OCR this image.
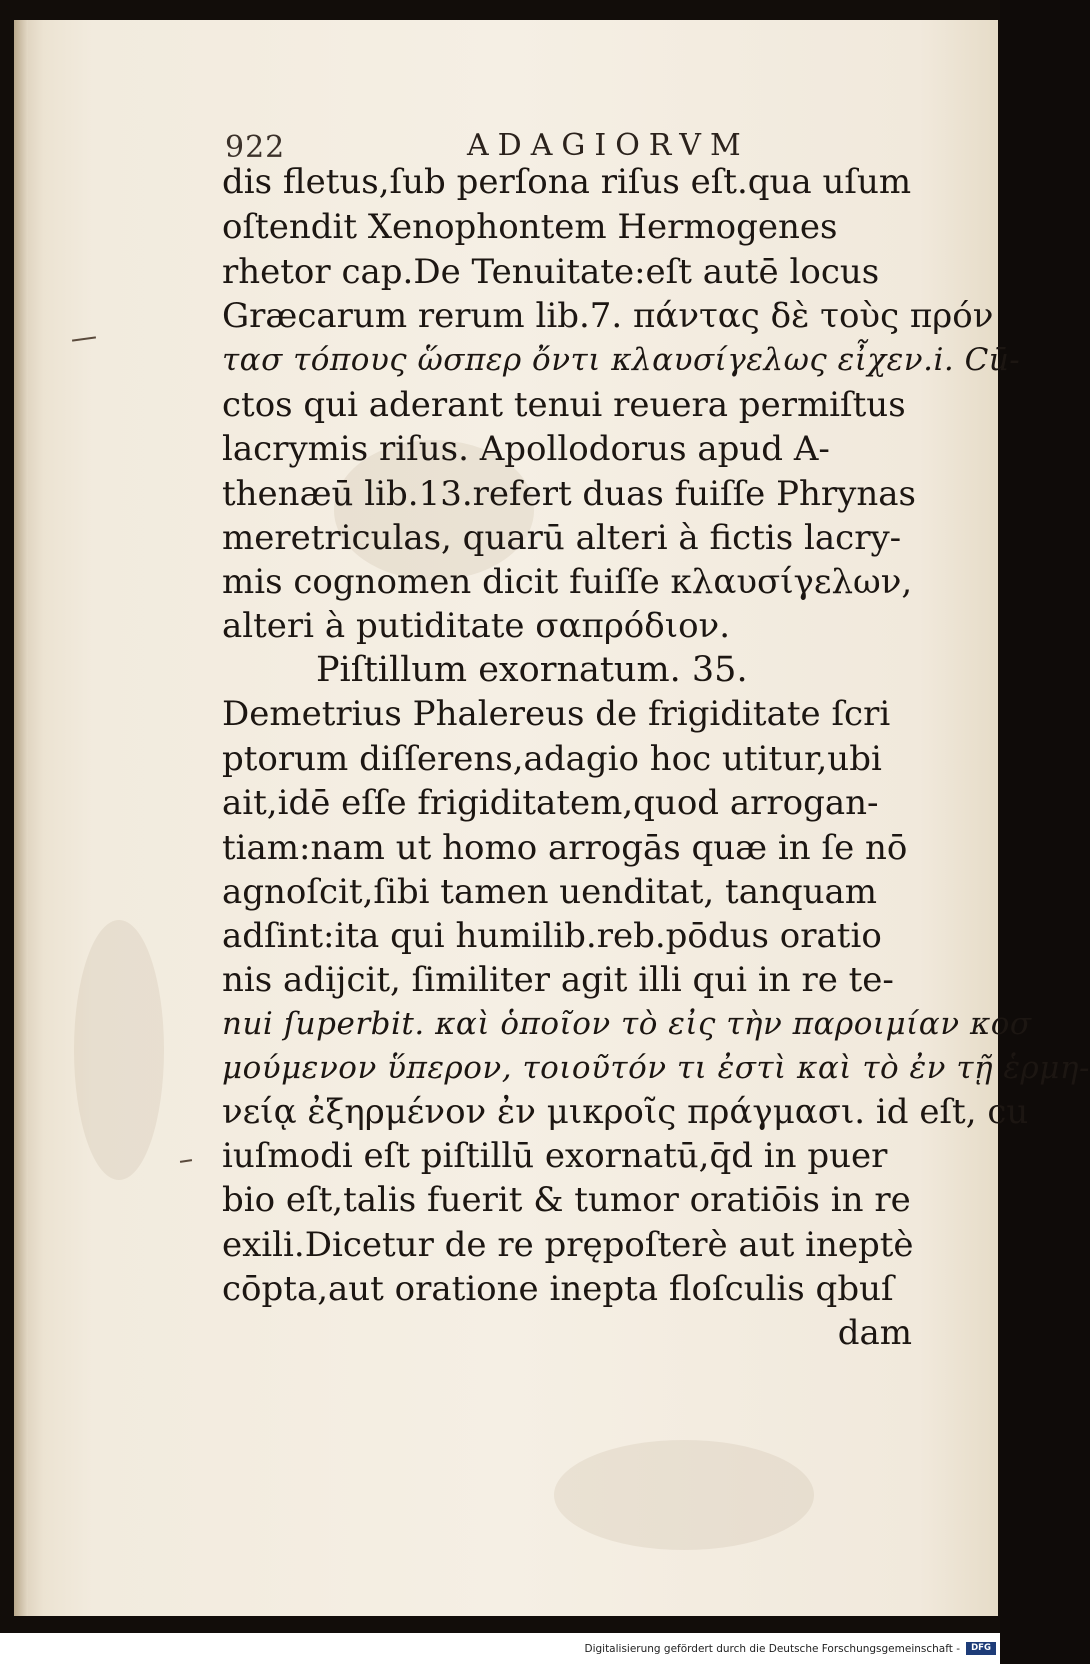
922	ADAGIORVM
dis fletus,ſub perſona riſus eſt.qua uſum
oſtendit Xenophontem Hermogenes
rhetor cap.De Tenuitate:eſt autē locus
Græcarum rerum lib.7. πάντας δὲ τοὺς πρόν
τασ τόπους ὥσπερ ὄντι κλαυσίγελως εἶχεν.i. Cū-
ctos qui aderant tenui reuera permiſtus
lacrymis riſus. Apollodorus apud A-
thenæū lib.13.refert duas fuiſſe Phrynas
meretriculas, quarū alteri à fictis lacry-
mis cognomen dicit fuiſſe κλαυσίγελων,
alteri à putiditate σαπρόδιον.
Piſtillum exornatum. 35.
Demetrius Phalereus de frigiditate ſcri
ptorum diſſerens,adagio hoc utitur,ubi
ait,idē eſſe frigiditatem,quod arrogan-
tiam:nam ut homo arrogās quæ in ſe nō
agnoſcit,ſibi tamen uenditat, tanquam
adſint:ita qui humilib.reb.pōdus oratio
nis adijcit, ſimiliter agit illi qui in re te-
nui ſuperbit. καὶ ὁποῖον τὸ εἰς τὴν παροιμίαν κοσ
μούμενον ὕπερον, τοιοῦτόν τι ἐστὶ καὶ τὸ ἐν τῇ ἑρμη-
νείᾳ ἐξηρμένον ἐν μικροῖς πράγμασι. id eſt, cu
iuſmodi eſt piſtillū exornatū,q̄d in puer
bio eſt,talis fuerit & tumor oratiōis in re
exili.Dicetur de re prępoſterè aut ineptè
cōpta,aut oratione inepta floſculis qbuſ
dam
Digitalisierung gefördert durch die Deutsche Forschungsgemeinschaft -	DFG
